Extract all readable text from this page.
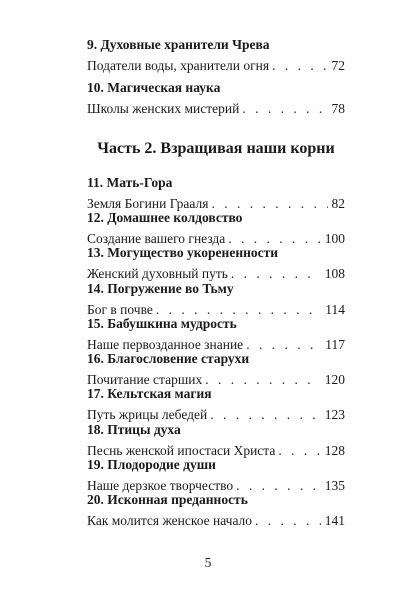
9. Духовные хранители Чрева
Податели воды, хранители огня . . .	72
10. Магическая наука
Школы женских мистерий . . .	78
Часть 2. Взращивая наши корни
11. Мать-Гора
Земля Богини Грааля . . .	82
12. Домашнее колдовство
Создание вашего гнезда . . .	100
13. Могущество укорененности
Женский духовный путь . . .	108
14. Погружение во Тьму
Бог в почве . . .	114
15. Бабушкина мудрость
Наше первозданное знание . . .	117
16. Благословение старухи
Почитание старших . . .	120
17. Кельтская магия
Путь жрицы лебедей . . .	123
18. Птицы духа
Песнь женской ипостаси Христа . . .	128
19. Плодородие души
Наше дерзкое творчество . . .	135
20. Исконная преданность
Как молится женское начало . . .	141
5
